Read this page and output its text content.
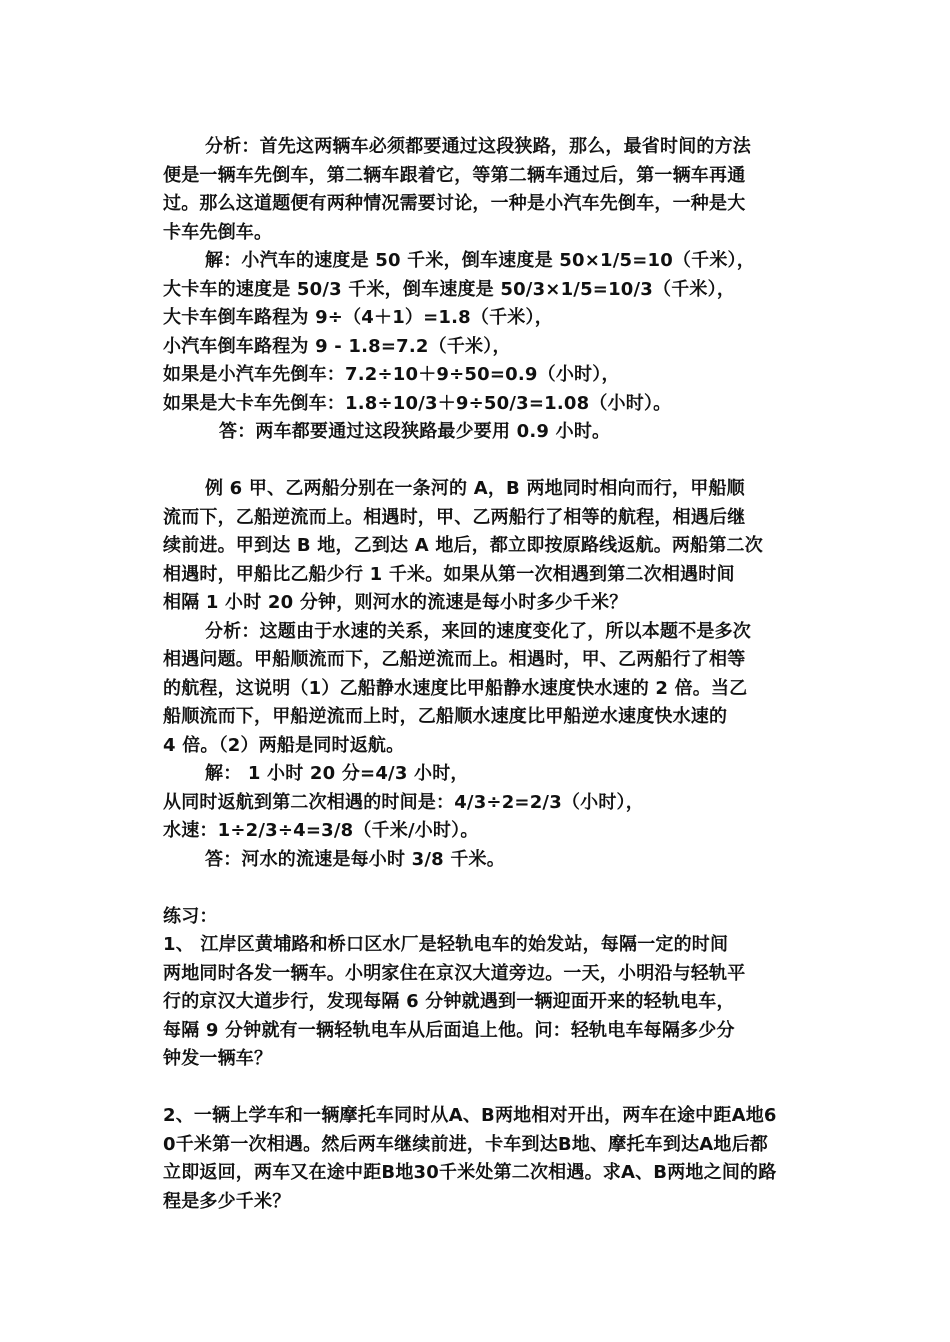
分析：首先这两辆车必须都要通过这段狭路，那么，最省时间的方法
便是一辆车先倒车，第二辆车跟着它，等第二辆车通过后，第一辆车再通
过。那么这道题便有两种情况需要讨论，一种是小汽车先倒车，一种是大
卡车先倒车。
解：小汽车的速度是 50 千米，倒车速度是 50×1/5=10（千米），
大卡车的速度是 50/3 千米，倒车速度是 50/3×1/5=10/3（千米），
大卡车倒车路程为 9÷（4＋1）=1.8（千米），
小汽车倒车路程为 9 - 1.8=7.2（千米），
如果是小汽车先倒车：7.2÷10＋9÷50=0.9（小时），
如果是大卡车先倒车：1.8÷10/3＋9÷50/3=1.08（小时）。
答：两车都要通过这段狭路最少要用 0.9 小时。
例 6 甲、乙两船分别在一条河的 A，B 两地同时相向而行，甲船顺
流而下，乙船逆流而上。相遇时，甲、乙两船行了相等的航程，相遇后继
续前进。甲到达 B 地，乙到达 A 地后，都立即按原路线返航。两船第二次
相遇时，甲船比乙船少行 1 千米。如果从第一次相遇到第二次相遇时间
相隔 1 小时 20 分钟，则河水的流速是每小时多少千米？
分析：这题由于水速的关系，来回的速度变化了，所以本题不是多次
相遇问题。甲船顺流而下，乙船逆流而上。相遇时，甲、乙两船行了相等
的航程，这说明（1）乙船静水速度比甲船静水速度快水速的 2 倍。当乙
船顺流而下，甲船逆流而上时，乙船顺水速度比甲船逆水速度快水速的
4 倍。（2）两船是同时返航。
解： 1 小时 20 分=4/3 小时，
从同时返航到第二次相遇的时间是：4/3÷2=2/3（小时），
水速：1÷2/3÷4=3/8（千米/小时）。
答：河水的流速是每小时 3/8 千米。
练习：
1、 江岸区黄埔路和桥口区水厂是轻轨电车的始发站，每隔一定的时间
两地同时各发一辆车。小明家住在京汉大道旁边。一天，小明沿与轻轨平
行的京汉大道步行，发现每隔 6 分钟就遇到一辆迎面开来的轻轨电车，
每隔 9 分钟就有一辆轻轨电车从后面追上他。问：轻轨电车每隔多少分
钟发一辆车？
2、一辆上学车和一辆摩托车同时从A、B两地相对开出，两车在途中距A地6
0千米第一次相遇。然后两车继续前进，卡车到达B地、摩托车到达A地后都
立即返回，两车又在途中距B地30千米处第二次相遇。求A、B两地之间的路
程是多少千米？
